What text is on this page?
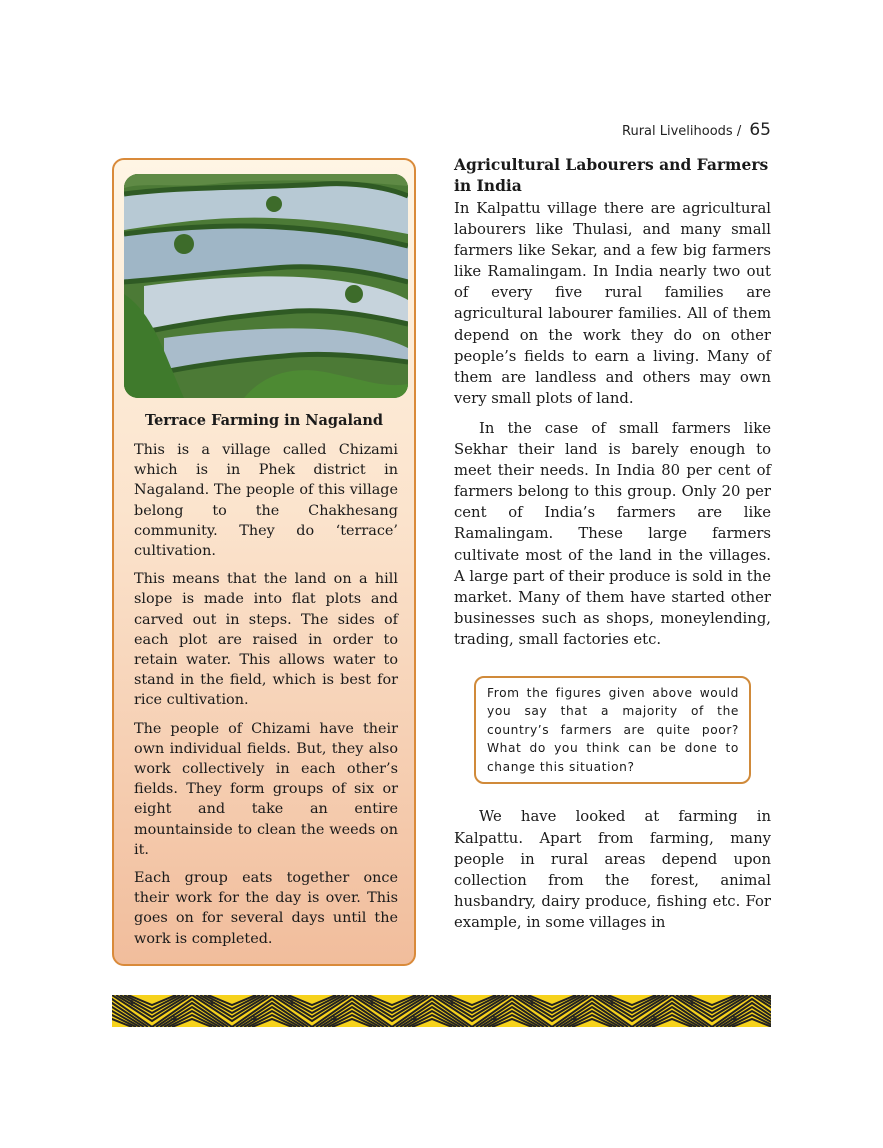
Rural Livelihoods / 65
Terrace Farming in Nagaland

This is a village called Chizami which is in Phek district in Nagaland. The people of this village belong to the Chakhesang community. They do ‘terrace’ cultivation.

This means that the land on a hill slope is made into flat plots and carved out in steps. The sides of each plot are raised in order to retain water. This allows water to stand in the field, which is best for rice cultivation.

The people of Chizami have their own individual fields. But, they also work collectively in each other’s fields. They form groups of six or eight and take an entire mountainside to clean the weeds on it.

Each group eats together once their work for the day is over. This goes on for several days until the work is completed.

Agricultural Labourers and Farmers in India

In Kalpattu village there are agricultural labourers like Thulasi, and many small farmers like Sekar, and a few big farmers like Ramalingam. In India nearly two out of every five rural families are agricultural labourer families. All of them depend on the work they do on other people’s fields to earn a living. Many of them are landless and others may own very small plots of land.

In the case of small farmers like Sekhar their land is barely enough to meet their needs. In India 80 per cent of farmers belong to this group. Only 20 per cent of India’s farmers are like Ramalingam. These large farmers cultivate most of the land in the villages. A large part of their produce is sold in the market. Many of them have started other businesses such as shops, moneylending, trading, small factories etc.

From the figures given above would you say that a majority of the country’s farmers are quite poor? What do you think can be done to change this situation?

We have looked at farming in Kalpattu. Apart from farming, many people in rural areas depend upon collection from the forest, animal husbandry, dairy produce, fishing etc. For example, in some villages in
